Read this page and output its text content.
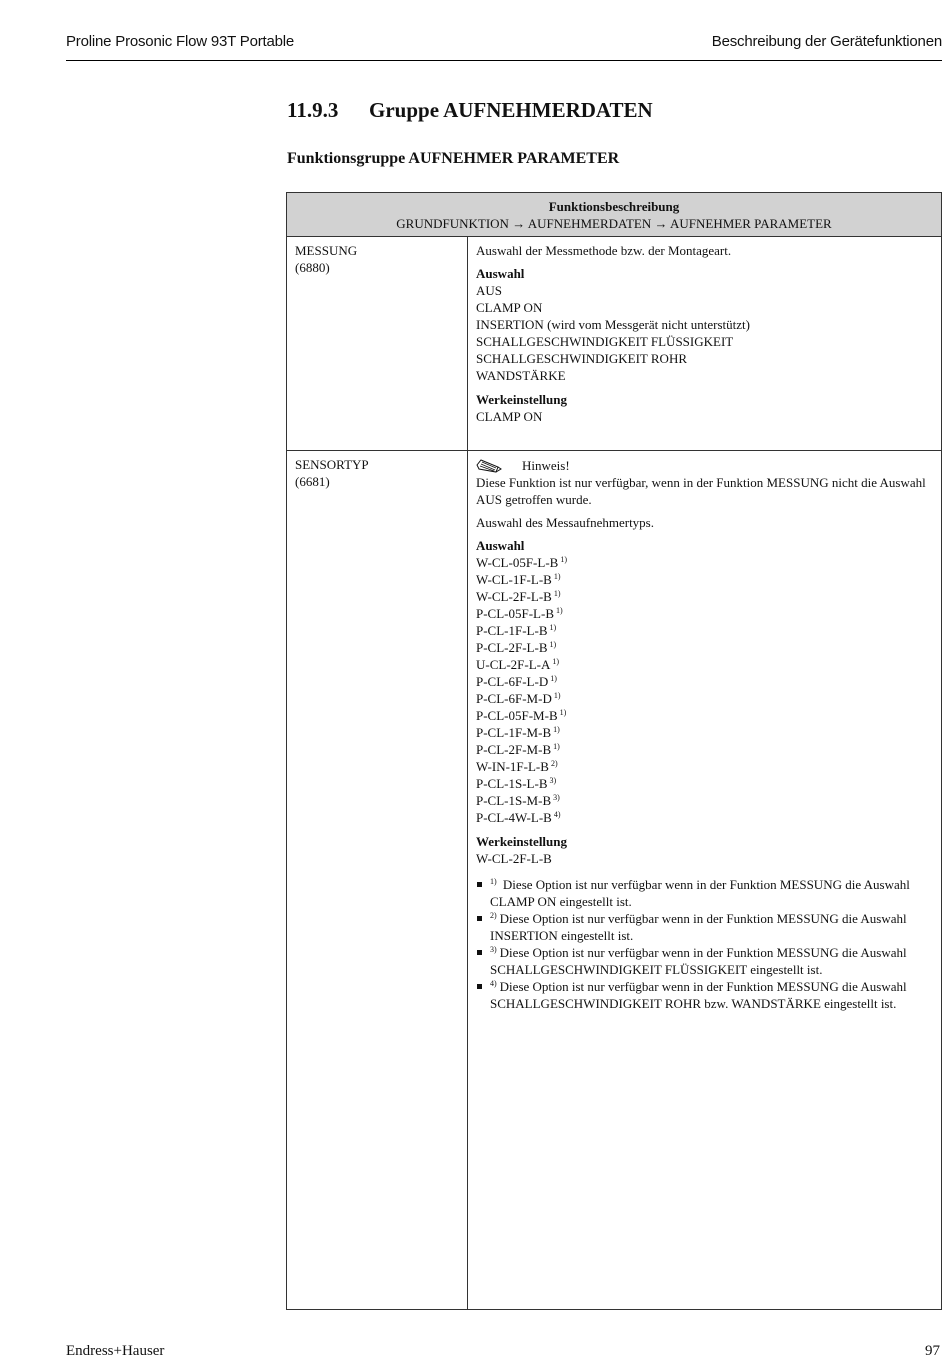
Proline Prosonic Flow 93T Portable	Beschreibung der Gerätefunktionen
11.9.3 Gruppe AUFNEHMERDATEN
Funktionsgruppe AUFNEHMER PARAMETER
Funktionsbeschreibung
GRUNDFUNKTION → AUFNEHMERDATEN → AUFNEHMER PARAMETER
MESSUNG
(6880)

Auswahl der Messmethode bzw. der Montageart.

Auswahl
AUS
CLAMP ON
INSERTION (wird vom Messgerät nicht unterstützt)
SCHALLGESCHWINDIGKEIT FLÜSSIGKEIT
SCHALLGESCHWINDIGKEIT ROHR
WANDSTÄRKE
Werkeinstellung
CLAMP ON
SENSORTYP
(6681)
Hinweis!

Diese Funktion ist nur verfügbar, wenn in der Funktion MESSUNG nicht die Auswahl AUS getroffen wurde.

Auswahl des Messaufnehmertyps.

Auswahl
W-CL-05F-L-B $^{1)}$
W-CL-1F-L-B $^{1)}$
W-CL-2F-L-B $^{1)}$
P-CL-05F-L-B $^{1)}$
P-CL-1F-L-B $^{1)}$
P-CL-2F-L-B $^{1)}$
U-CL-2F-L-A $^{1)}$
P-CL-6F-L-D $^{1)}$
P-CL-6F-M-D $^{1)}$
P-CL-05F-M-B $^{1)}$
P-CL-1F-M-B $^{1)}$
P-CL-2F-M-B $^{1)}$
W-IN-1F-L-B $^{2)}$
P-CL-1S-L-B $^{3)}$
P-CL-1S-M-B $^{3)}$
P-CL-4W-L-B $^{4)}$
Werkeinstellung
W-CL-2F-L-B
$^{1)}$ Diese Option ist nur verfügbar wenn in der Funktion MESSUNG die Auswahl CLAMP ON eingestellt ist.
$^{2)}$ Diese Option ist nur verfügbar wenn in der Funktion MESSUNG die Auswahl INSERTION eingestellt ist.
$^{3)}$ Diese Option ist nur verfügbar wenn in der Funktion MESSUNG die Auswahl SCHALLGESCHWINDIGKEIT FLÜSSIGKEIT eingestellt ist.
$^{4)}$ Diese Option ist nur verfügbar wenn in der Funktion MESSUNG die Auswahl SCHALLGESCHWINDIGKEIT ROHR bzw. WANDSTÄRKE eingestellt ist.
Endress+Hauser	97
